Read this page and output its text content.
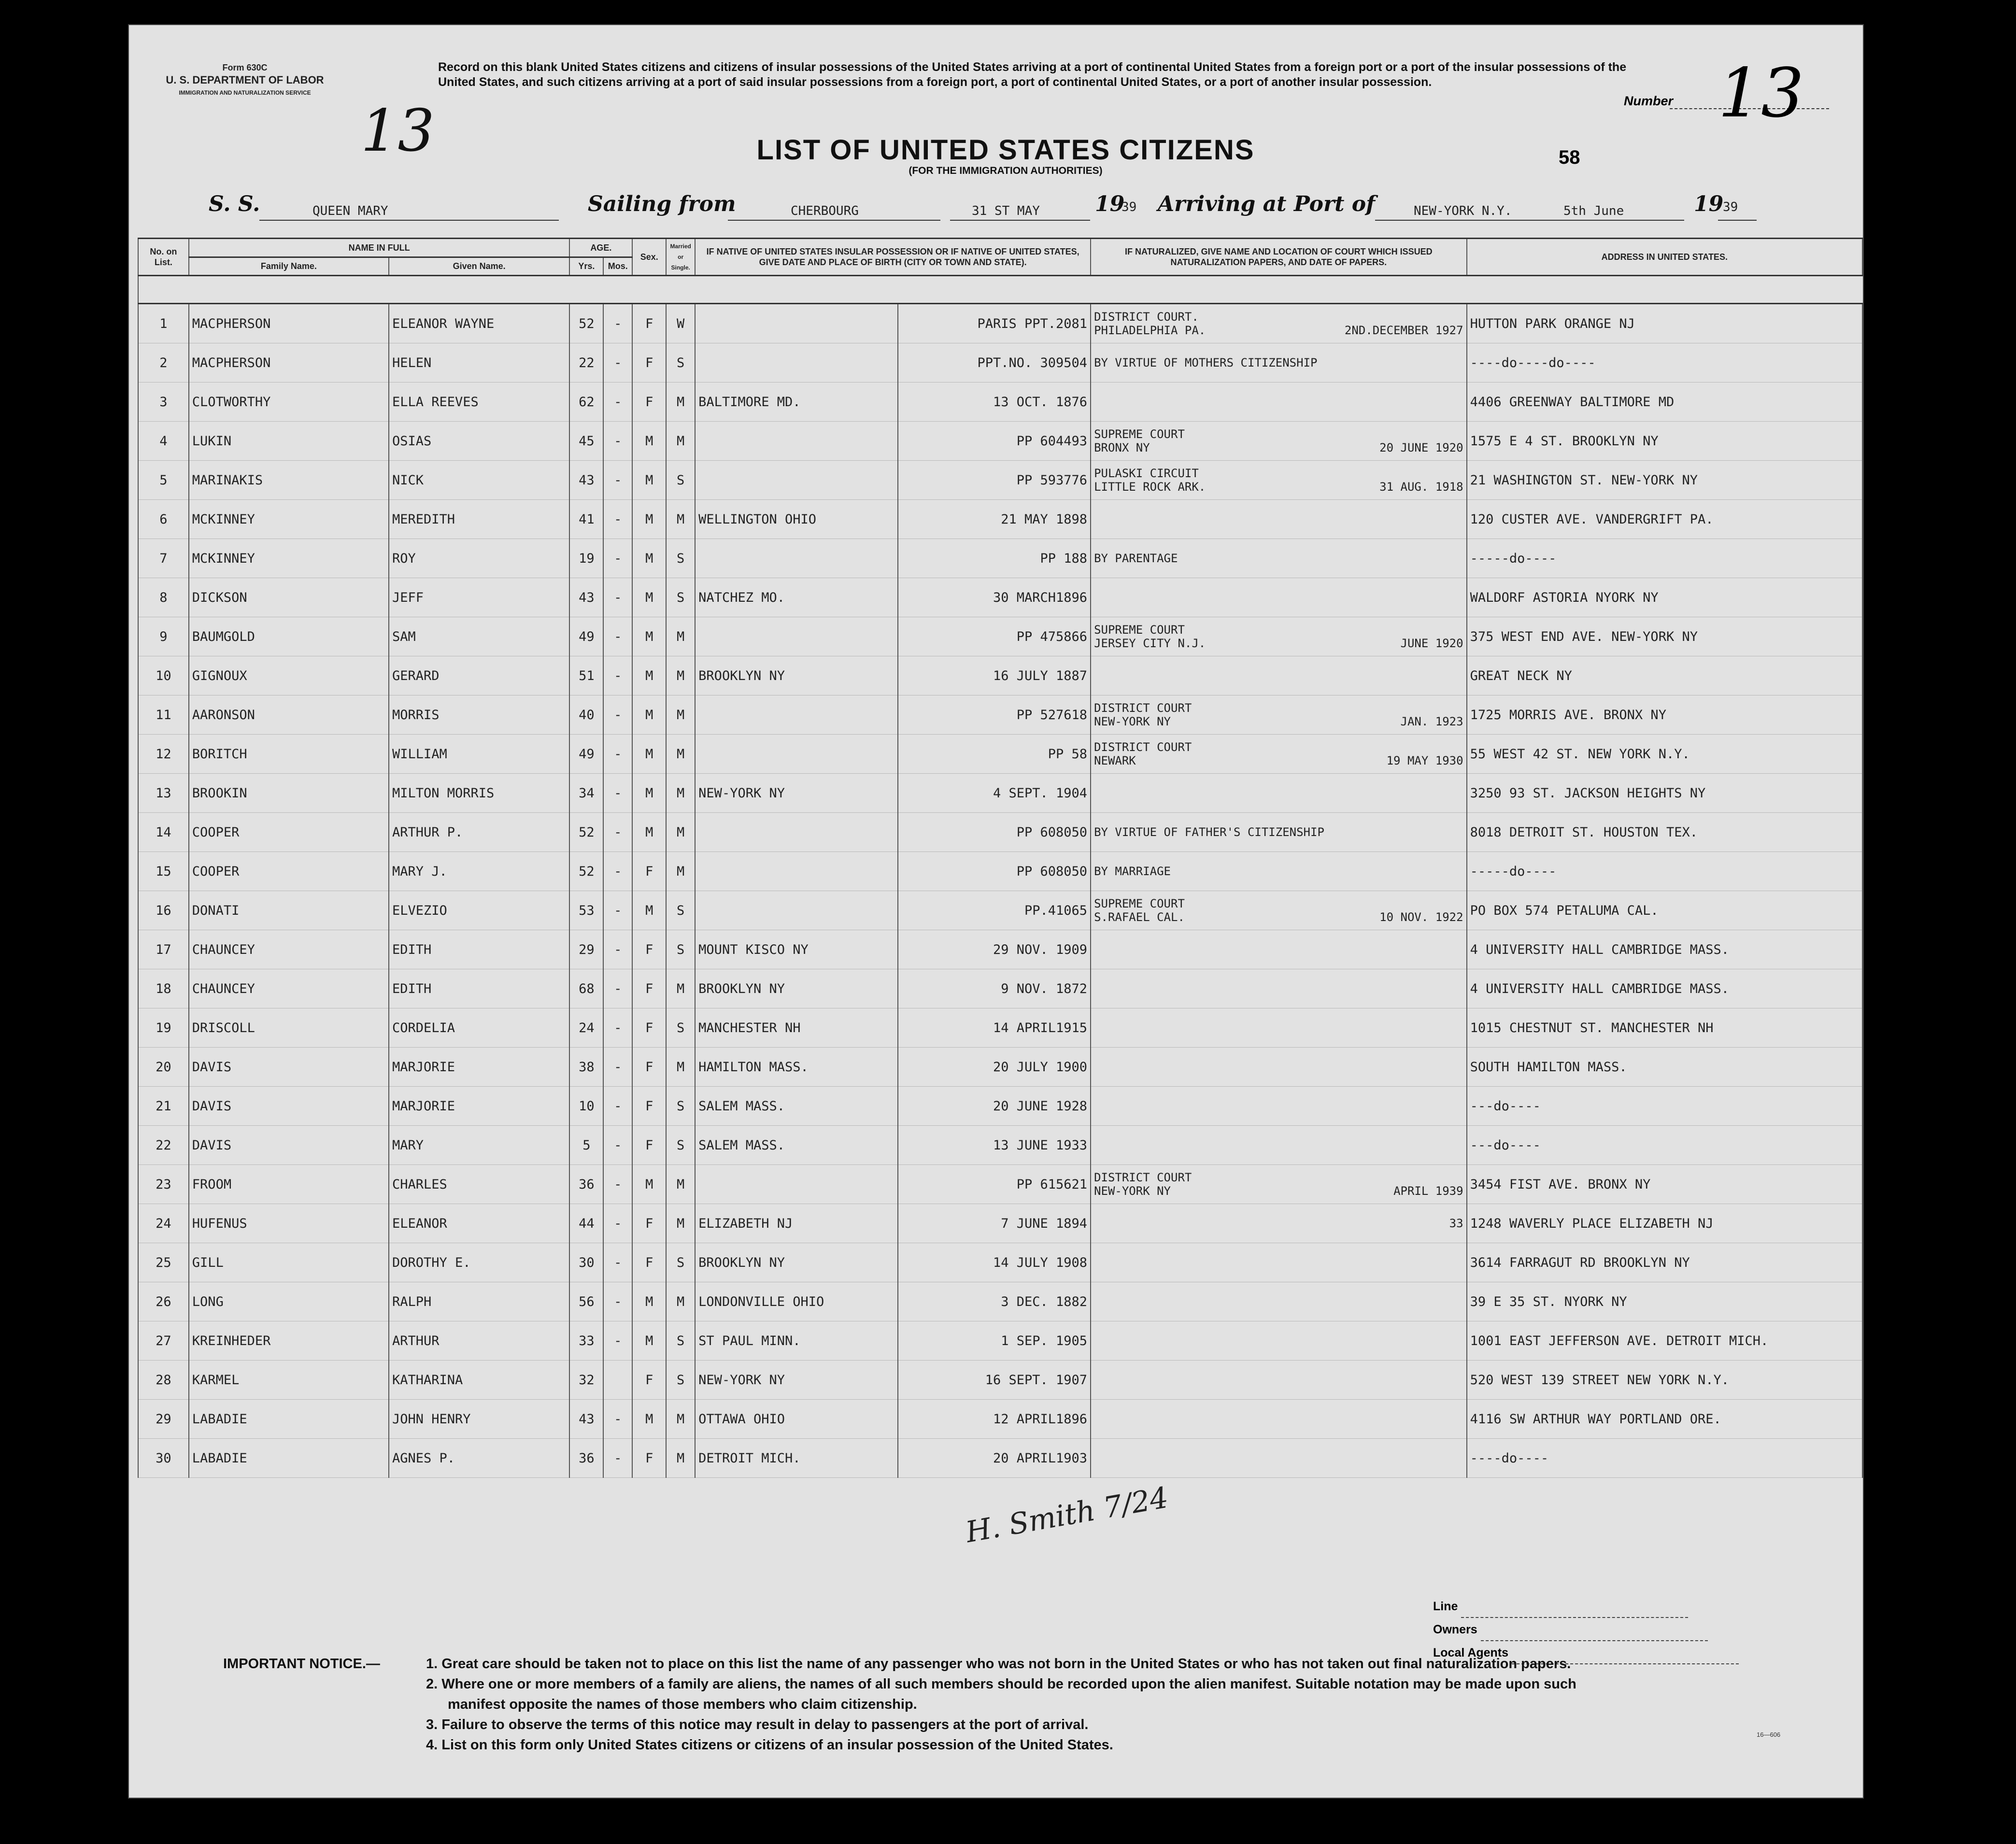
13
Form 630C
U. S. DEPARTMENT OF LABOR
IMMIGRATION AND NATURALIZATION SERVICE
Record on this blank United States citizens and citizens of insular possessions of the United States arriving at a port of continental United States from a foreign port or a port of the insular possessions of the United States, and such citizens arriving at a port of said insular possessions from a foreign port, a port of continental United States, or a port of another insular possession.
Number 13
LIST OF UNITED STATES CITIZENS
(FOR THE IMMIGRATION AUTHORITIES)
58
S. S.	QUEEN MARY	Sailing from	CHERBOURG	31 ST MAY	19
39 Arriving at Port of	NEW-YORK N.Y.	5th June	19
39
No. on List.	NAME IN FULL		AGE.		Sex.	Married or Single.	IF NATIVE OF UNITED STATES INSULAR POSSESSION OR IF NATIVE OF UNITED STATES, GIVE DATE AND PLACE OF BIRTH (CITY OR TOWN AND STATE).		IF NATURALIZED, GIVE NAME AND LOCATION OF COURT WHICH ISSUED NATURALIZATION PAPERS, AND DATE OF PAPERS.	ADDRESS IN UNITED STATES.
	Family Name.	Given Name.	Yrs.	Mos.						

1	MACPHERSON	ELEANOR WAYNE	52	-	F	W		PARIS PPT.2081	DISTRICT COURT.
PHILADELPHIA PA. 2ND.DECEMBER 1927	HUTTON PARK ORANGE NJ
2	MACPHERSON	HELEN	22	-	F	S		PPT.NO. 309504	BY VIRTUE OF MOTHERS CITIZENSHIP	----do----do----
3	CLOTWORTHY	ELLA REEVES	62	-	F	M	BALTIMORE MD.	13 OCT. 1876		4406 GREENWAY BALTIMORE MD
4	LUKIN	OSIAS	45	-	M	M		PP 604493	SUPREME COURT
BRONX NY 20 JUNE 1920	1575 E 4 ST. BROOKLYN NY
5	MARINAKIS	NICK	43	-	M	S		PP 593776	PULASKI CIRCUIT
LITTLE ROCK ARK. 31 AUG. 1918	21 WASHINGTON ST. NEW-YORK NY
6	MCKINNEY	MEREDITH	41	-	M	M	WELLINGTON OHIO	21 MAY 1898		120 CUSTER AVE. VANDERGRIFT PA.
7	MCKINNEY	ROY	19	-	M	S		PP 188	BY PARENTAGE	-----do----
8	DICKSON	JEFF	43	-	M	S	NATCHEZ MO.	30 MARCH1896		WALDORF ASTORIA NYORK NY
9	BAUMGOLD	SAM	49	-	M	M		PP 475866	SUPREME COURT
JERSEY CITY N.J. JUNE 1920	375 WEST END AVE. NEW-YORK NY
10	GIGNOUX	GERARD	51	-	M	M	BROOKLYN NY	16 JULY 1887		GREAT NECK NY
11	AARONSON	MORRIS	40	-	M	M		PP 527618	DISTRICT COURT
NEW-YORK NY JAN. 1923	1725 MORRIS AVE. BRONX NY
12	BORITCH	WILLIAM	49	-	M	M		PP 58	DISTRICT COURT
NEWARK 19 MAY 1930	55 WEST 42 ST. NEW YORK N.Y.
13	BROOKIN	MILTON MORRIS	34	-	M	M	NEW-YORK NY	4 SEPT. 1904		3250 93 ST. JACKSON HEIGHTS NY
14	COOPER	ARTHUR P.	52	-	M	M		PP 608050	BY VIRTUE OF FATHER'S CITIZENSHIP	8018 DETROIT ST. HOUSTON TEX.
15	COOPER	MARY J.	52	-	F	M		PP 608050	BY MARRIAGE	-----do----
16	DONATI	ELVEZIO	53	-	M	S		PP.41065	SUPREME COURT
S.RAFAEL CAL. 10 NOV. 1922	PO BOX 574 PETALUMA CAL.
17	CHAUNCEY	EDITH	29	-	F	S	MOUNT KISCO NY	29 NOV. 1909		4 UNIVERSITY HALL CAMBRIDGE MASS.
18	CHAUNCEY	EDITH	68	-	F	M	BROOKLYN NY	9 NOV. 1872		4 UNIVERSITY HALL CAMBRIDGE MASS.
19	DRISCOLL	CORDELIA	24	-	F	S	MANCHESTER NH	14 APRIL1915		1015 CHESTNUT ST. MANCHESTER NH
20	DAVIS	MARJORIE	38	-	F	M	HAMILTON MASS.	20 JULY 1900		SOUTH HAMILTON MASS.
21	DAVIS	MARJORIE	10	-	F	S	SALEM MASS.	20 JUNE 1928		---do----
22	DAVIS	MARY	5	-	F	S	SALEM MASS.	13 JUNE 1933		---do----
23	FROOM	CHARLES	36	-	M	M		PP 615621	DISTRICT COURT
NEW-YORK NY APRIL 1939	3454 FIST AVE. BRONX NY
24	HUFENUS	ELEANOR	44	-	F	M	ELIZABETH NJ	7 JUNE 1894	33	1248 WAVERLY PLACE ELIZABETH NJ
25	GILL	DOROTHY E.	30	-	F	S	BROOKLYN NY	14 JULY 1908		3614 FARRAGUT RD BROOKLYN NY
26	LONG	RALPH	56	-	M	M	LONDONVILLE OHIO	3 DEC. 1882		39 E 35 ST. NYORK NY
27	KREINHEDER	ARTHUR	33	-	M	S	ST PAUL MINN.	1 SEP. 1905		1001 EAST JEFFERSON AVE. DETROIT MICH.
28	KARMEL	KATHARINA	32		F	S	NEW-YORK NY	16 SEPT. 1907		520 WEST 139 STREET NEW YORK N.Y.
29	LABADIE	JOHN HENRY	43	-	M	M	OTTAWA OHIO	12 APRIL1896		4116 SW ARTHUR WAY PORTLAND ORE.
30	LABADIE	AGNES P.	36	-	F	M	DETROIT MICH.	20 APRIL1903		----do----
H. Smith 7/24
Line
Owners
Local Agents
IMPORTANT NOTICE.—	1. Great care should be taken not to place on this list the name of any passenger who was not born in the United States or who has not taken out final naturalization papers.
2. Where one or more members of a family are aliens, the names of all such members should be recorded upon the alien manifest. Suitable notation may be made upon such
manifest opposite the names of those members who claim citizenship.
3. Failure to observe the terms of this notice may result in delay to passengers at the port of arrival.
4. List on this form only United States citizens or citizens of an insular possession of the United States.
16—606
